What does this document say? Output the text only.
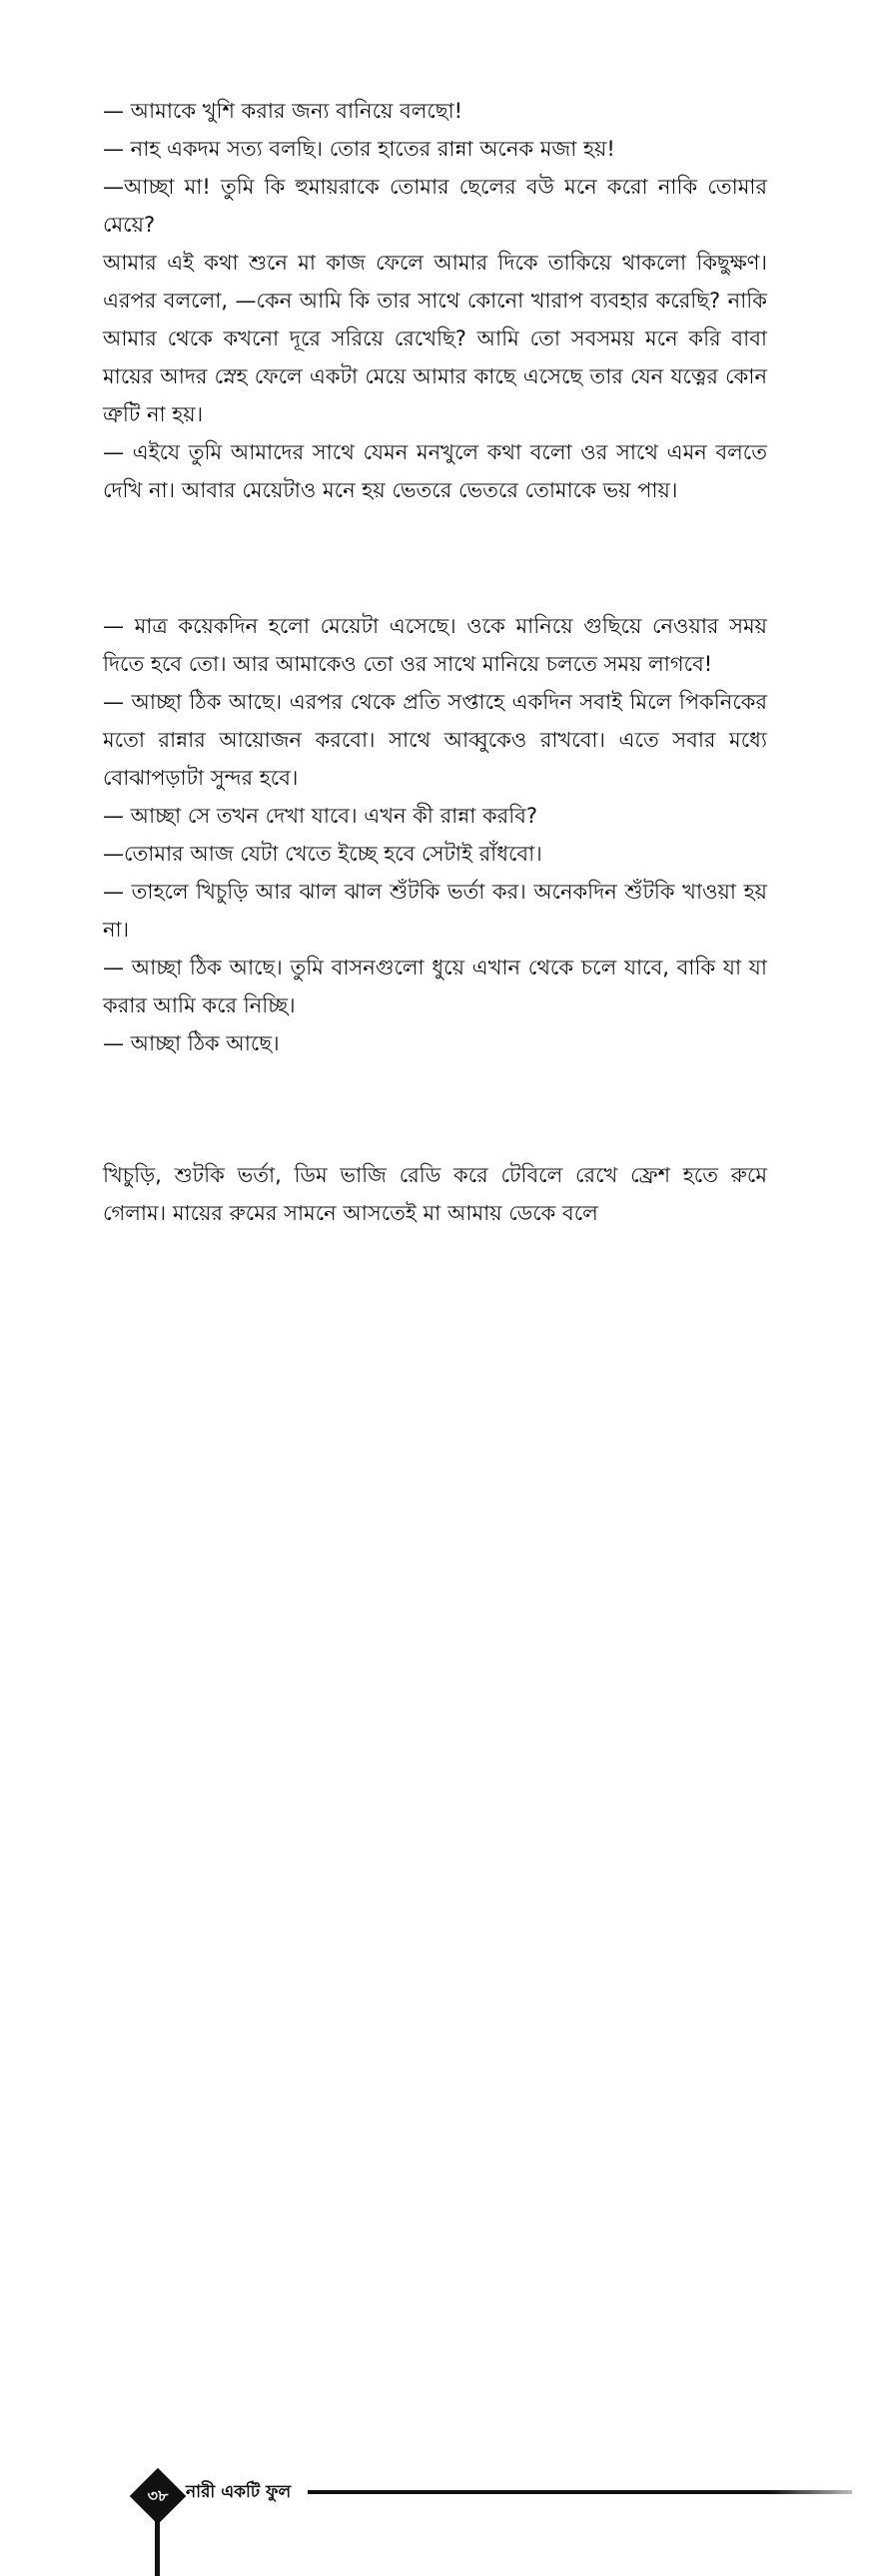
— আমাকে খুশি করার জন্য বানিয়ে বলছো!

— নাহ একদম সত্য বলছি। তোর হাতের রান্না অনেক মজা হয়!

—আচ্ছা মা! তুমি কি হুমায়রাকে তোমার ছেলের বউ মনে করো নাকি তোমার মেয়ে?

আমার এই কথা শুনে মা কাজ ফেলে আমার দিকে তাকিয়ে থাকলো কিছুক্ষণ। এরপর বললো, —কেন আমি কি তার সাথে কোনো খারাপ ব্যবহার করেছি? নাকি আমার থেকে কখনো দূরে সরিয়ে রেখেছি? আমি তো সবসময় মনে করি বাবা মায়ের আদর স্নেহ ফেলে একটা মেয়ে আমার কাছে এসেছে তার যেন যত্নের কোন ত্রুটি না হয়।

— এইযে তুমি আমাদের সাথে যেমন মনখুলে কথা বলো ওর সাথে এমন বলতে দেখি না। আবার মেয়েটাও মনে হয় ভেতরে ভেতরে তোমাকে ভয় পায়।

— মাত্র কয়েকদিন হলো মেয়েটা এসেছে। ওকে মানিয়ে গুছিয়ে নেওয়ার সময় দিতে হবে তো। আর আমাকেও তো ওর সাথে মানিয়ে চলতে সময় লাগবে!

— আচ্ছা ঠিক আছে। এরপর থেকে প্রতি সপ্তাহে একদিন সবাই মিলে পিকনিকের মতো রান্নার আয়োজন করবো। সাথে আব্বুকেও রাখবো। এতে সবার মধ্যে বোঝাপড়াটা সুন্দর হবে।

— আচ্ছা সে তখন দেখা যাবে। এখন কী রান্না করবি?

—তোমার আজ যেটা খেতে ইচ্ছে হবে সেটাই রাঁধবো।

— তাহলে খিচুড়ি আর ঝাল ঝাল শুঁটকি ভর্তা কর। অনেকদিন শুঁটকি খাওয়া হয় না।

— আচ্ছা ঠিক আছে। তুমি বাসনগুলো ধুয়ে এখান থেকে চলে যাবে, বাকি যা যা করার আমি করে নিচ্ছি।

— আচ্ছা ঠিক আছে।

খিচুড়ি, শুটকি ভর্তা, ডিম ভাজি রেডি করে টেবিলে রেখে ফ্রেশ হতে রুমে গেলাম। মায়ের রুমের সামনে আসতেই মা আমায় ডেকে বলে

৩৮	নারী একটি ফুল
